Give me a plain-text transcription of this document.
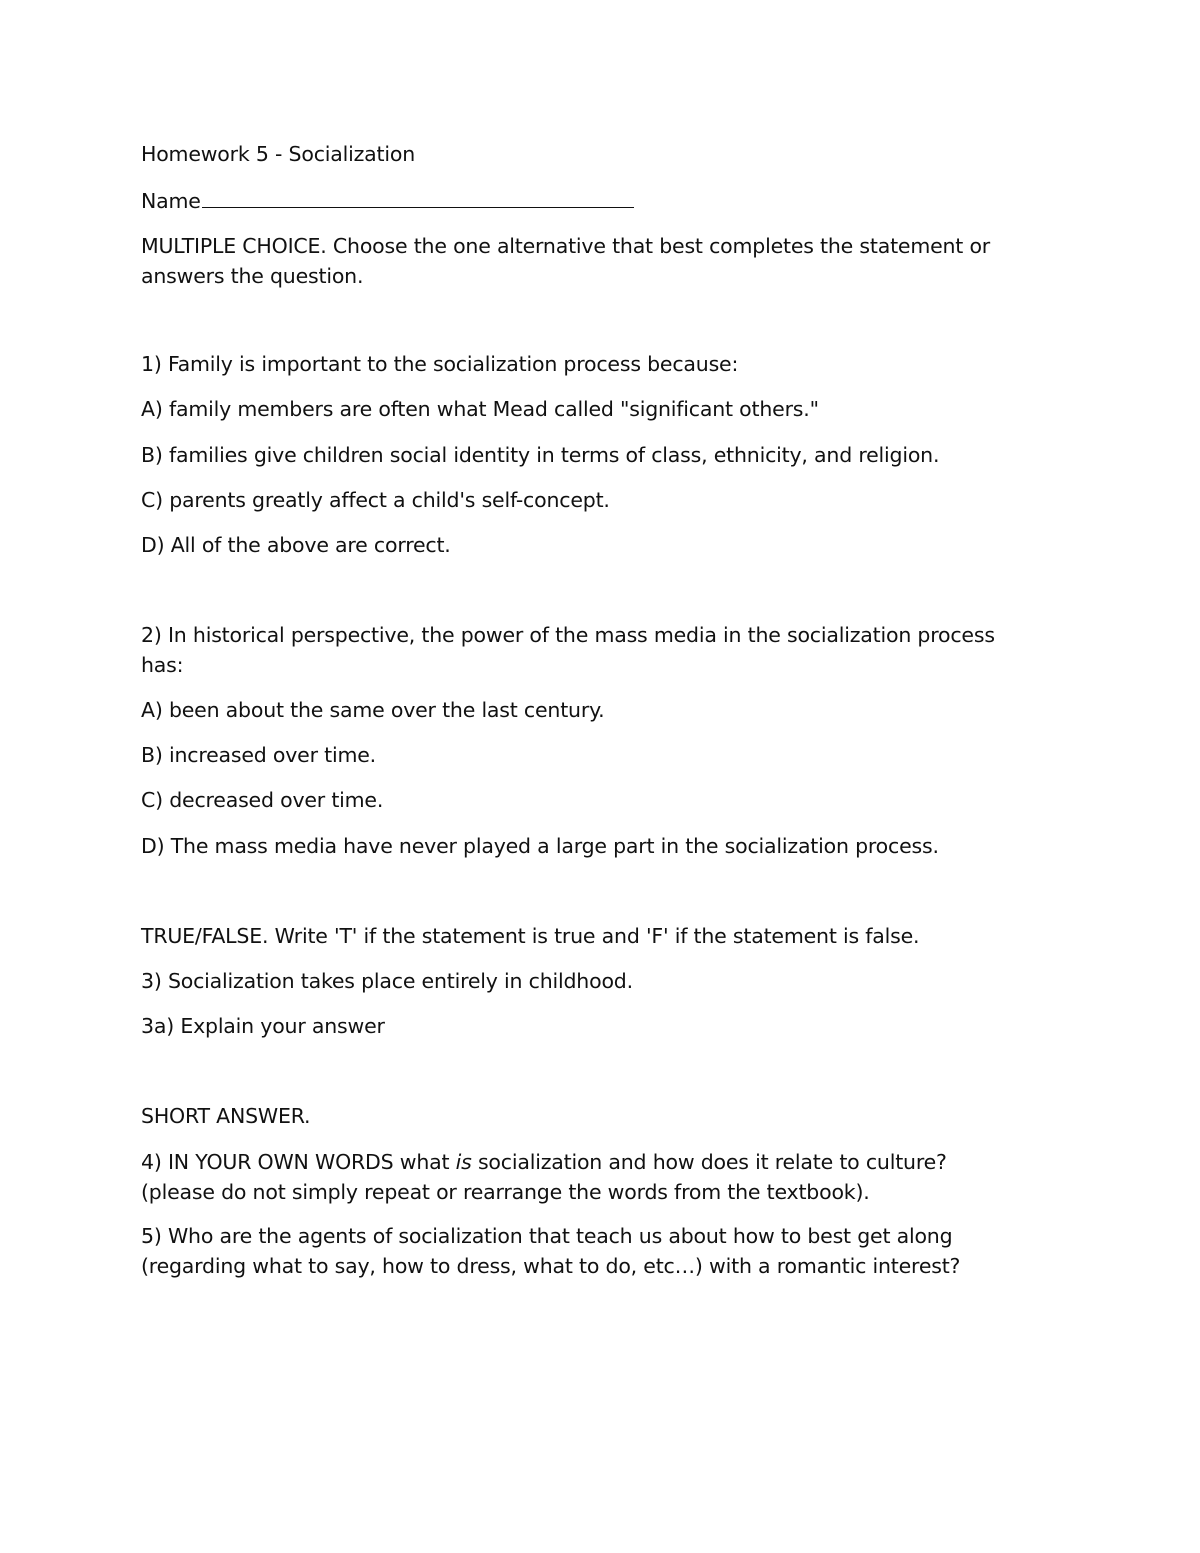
Homework 5 - Socialization
Name
MULTIPLE CHOICE. Choose the one alternative that best completes the statement or
answers the question.
1) Family is important to the socialization process because:
A) family members are often what Mead called "significant others."
B) families give children social identity in terms of class, ethnicity, and religion.
C) parents greatly affect a child's self-concept.
D) All of the above are correct.
2) In historical perspective, the power of the mass media in the socialization process
has:
A) been about the same over the last century.
B) increased over time.
C) decreased over time.
D) The mass media have never played a large part in the socialization process.
TRUE/FALSE. Write 'T' if the statement is true and 'F' if the statement is false.
3) Socialization takes place entirely in childhood.
3a) Explain your answer
SHORT ANSWER.
4) IN YOUR OWN WORDS what is socialization and how does it relate to culture?
(please do not simply repeat or rearrange the words from the textbook).
5) Who are the agents of socialization that teach us about how to best get along
(regarding what to say, how to dress, what to do, etc…) with a romantic interest?
